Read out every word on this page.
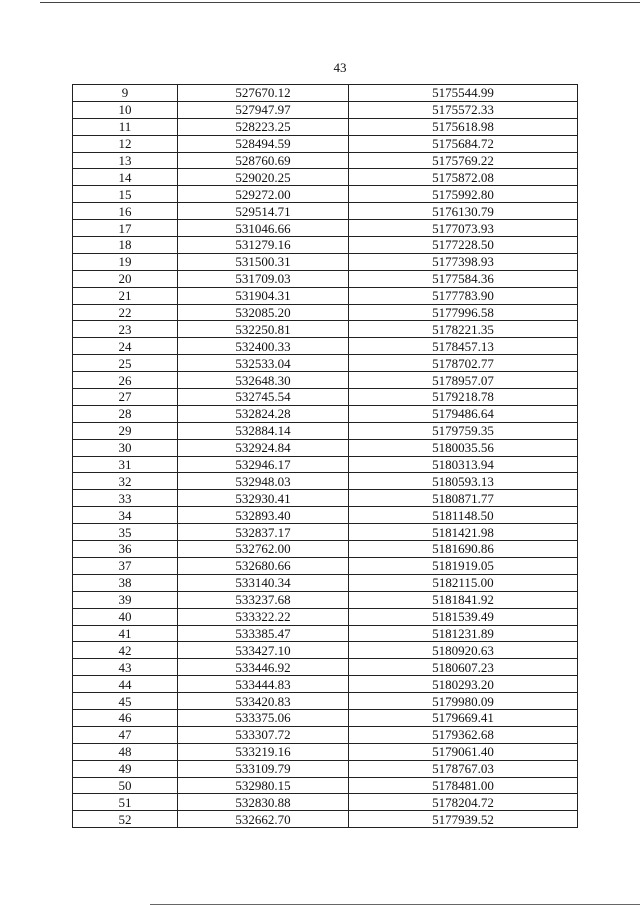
43
9	527670.12	5175544.99
10	527947.97	5175572.33
11	528223.25	5175618.98
12	528494.59	5175684.72
13	528760.69	5175769.22
14	529020.25	5175872.08
15	529272.00	5175992.80
16	529514.71	5176130.79
17	531046.66	5177073.93
18	531279.16	5177228.50
19	531500.31	5177398.93
20	531709.03	5177584.36
21	531904.31	5177783.90
22	532085.20	5177996.58
23	532250.81	5178221.35
24	532400.33	5178457.13
25	532533.04	5178702.77
26	532648.30	5178957.07
27	532745.54	5179218.78
28	532824.28	5179486.64
29	532884.14	5179759.35
30	532924.84	5180035.56
31	532946.17	5180313.94
32	532948.03	5180593.13
33	532930.41	5180871.77
34	532893.40	5181148.50
35	532837.17	5181421.98
36	532762.00	5181690.86
37	532680.66	5181919.05
38	533140.34	5182115.00
39	533237.68	5181841.92
40	533322.22	5181539.49
41	533385.47	5181231.89
42	533427.10	5180920.63
43	533446.92	5180607.23
44	533444.83	5180293.20
45	533420.83	5179980.09
46	533375.06	5179669.41
47	533307.72	5179362.68
48	533219.16	5179061.40
49	533109.79	5178767.03
50	532980.15	5178481.00
51	532830.88	5178204.72
52	532662.70	5177939.52
